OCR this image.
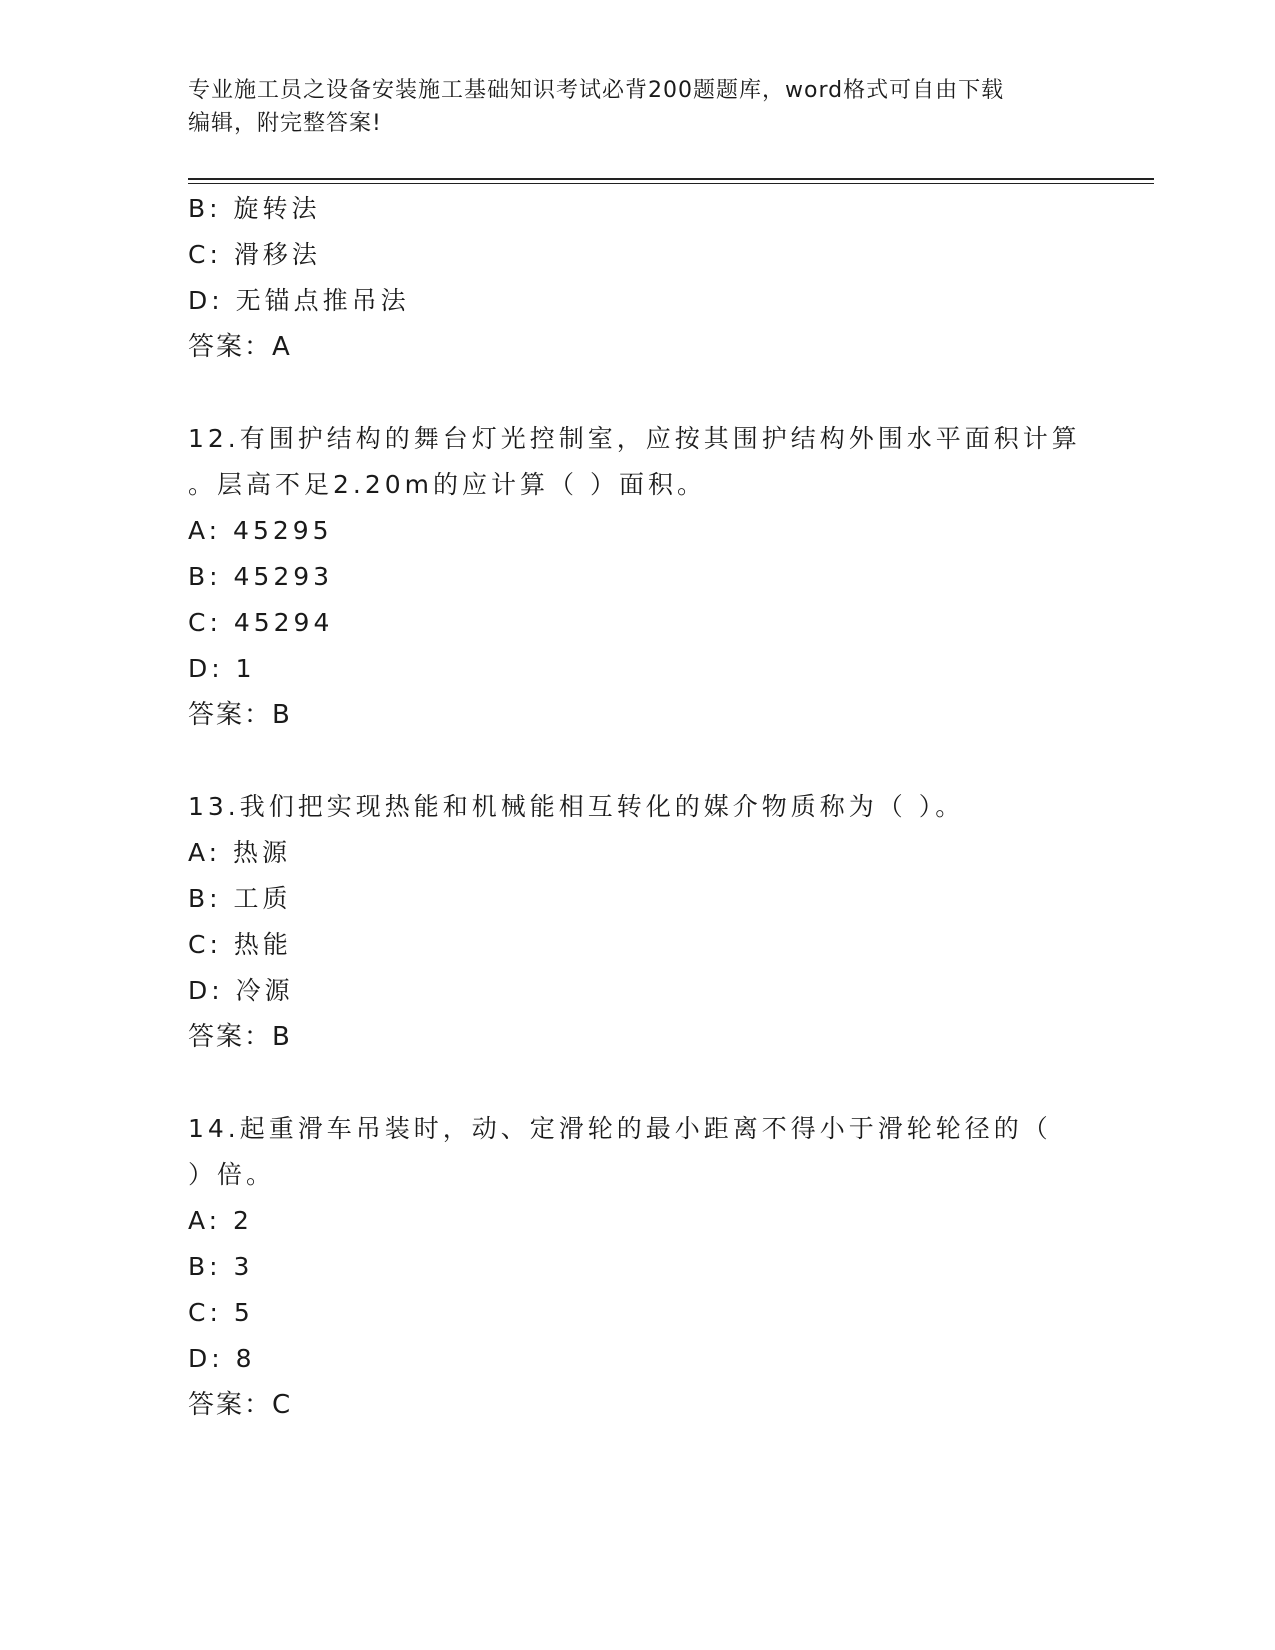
专业施工员之设备安装施工基础知识考试必背200题题库，word格式可自由下载
编辑，附完整答案!
B: 旋转法
C: 滑移法
D: 无锚点推吊法
答案：A
12.有围护结构的舞台灯光控制室，应按其围护结构外围水平面积计算
。层高不足2.20m的应计算（ ）面积。
A: 45295
B: 45293
C: 45294
D: 1
答案：B
13.我们把实现热能和机械能相互转化的媒介物质称为（ ）。
A: 热源
B: 工质
C: 热能
D: 冷源
答案：B
14.起重滑车吊装时，动、定滑轮的最小距离不得小于滑轮轮径的（
）倍。
A: 2
B: 3
C: 5
D: 8
答案：C
